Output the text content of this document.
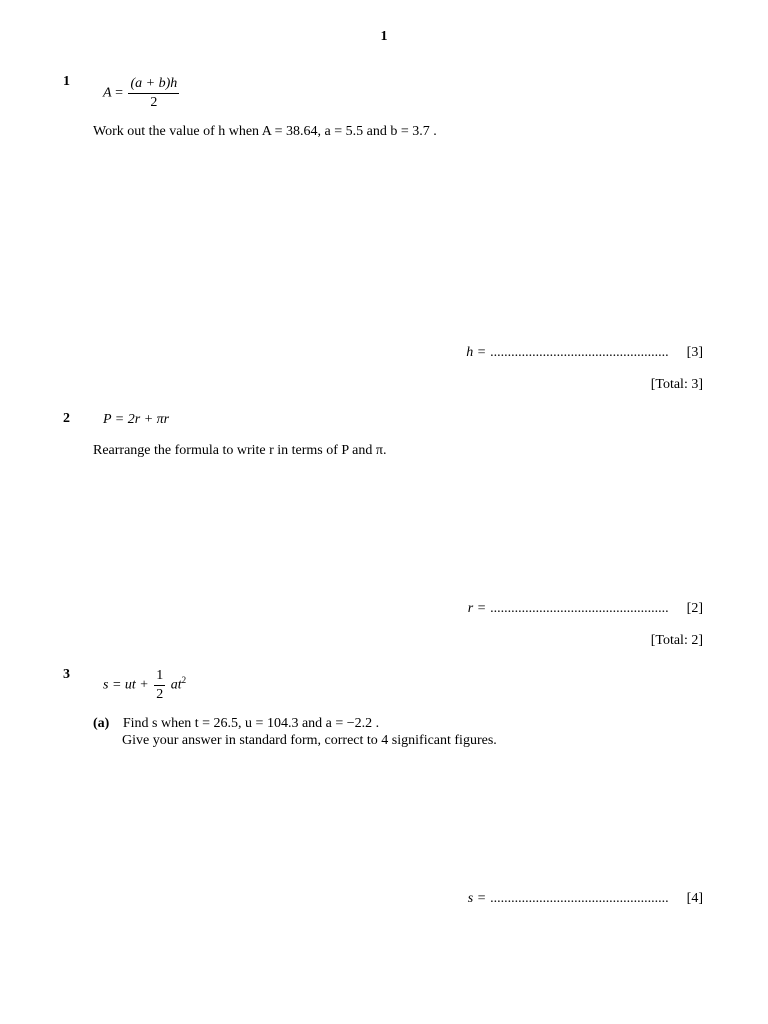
1
1
$A = \frac{(a + b)h}{2}$
Work out the value of h when A = 38.64, a = 5.5 and b = 3.7 .
h = ................................................... [3]
[Total: 3]
2 P = 2r + πr
Rearrange the formula to write r in terms of P and π.
r = ................................................... [2]
[Total: 2]
3
s = ut + $\frac{1}{2} at^2$
(a) Find s when t = 26.5, u = 104.3 and a = −2.2 .
Give your answer in standard form, correct to 4 significant figures.
s = ................................................... [4]
